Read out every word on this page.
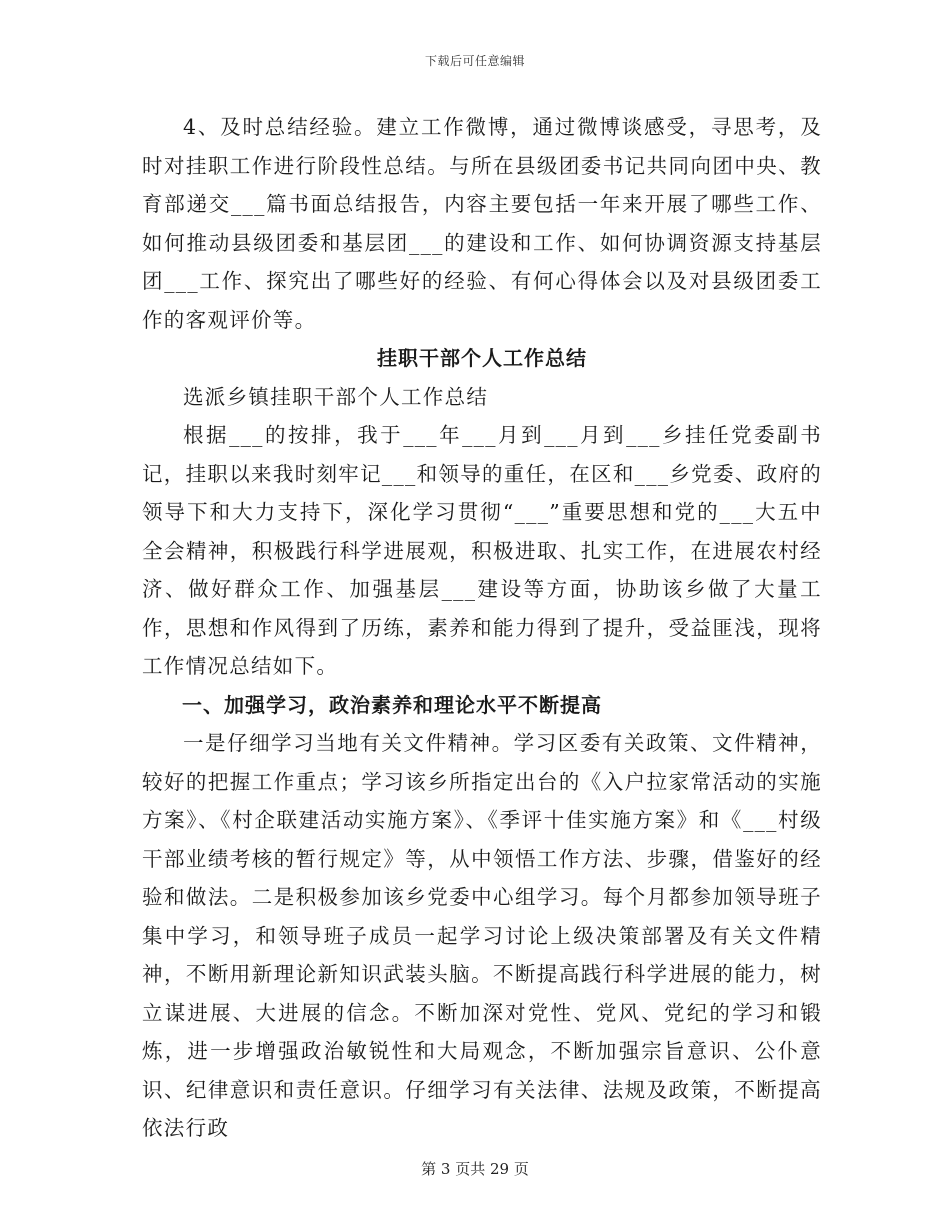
下载后可任意编辑

4、及时总结经验。建立工作微博，通过微博谈感受，寻思考，及时对挂职工作进行阶段性总结。与所在县级团委书记共同向团中央、教育部递交___篇书面总结报告，内容主要包括一年来开展了哪些工作、如何推动县级团委和基层团___的建设和工作、如何协调资源支持基层团___工作、探究出了哪些好的经验、有何心得体会以及对县级团委工作的客观评价等。

挂职干部个人工作总结

选派乡镇挂职干部个人工作总结

根据___的按排，我于___年___月到___月到___乡挂任党委副书记，挂职以来我时刻牢记___和领导的重任，在区和___乡党委、政府的领导下和大力支持下，深化学习贯彻“___”重要思想和党的___大五中全会精神，积极践行科学进展观，积极进取、扎实工作，在进展农村经济、做好群众工作、加强基层___建设等方面，协助该乡做了大量工作，思想和作风得到了历练，素养和能力得到了提升，受益匪浅，现将工作情况总结如下。

一、加强学习，政治素养和理论水平不断提高

一是仔细学习当地有关文件精神。学习区委有关政策、文件精神，较好的把握工作重点；学习该乡所指定出台的《入户拉家常活动的实施方案》、《村企联建活动实施方案》、《季评十佳实施方案》和《___村级干部业绩考核的暂行规定》等，从中领悟工作方法、步骤，借鉴好的经验和做法。二是积极参加该乡党委中心组学习。每个月都参加领导班子集中学习，和领导班子成员一起学习讨论上级决策部署及有关文件精神，不断用新理论新知识武装头脑。不断提高践行科学进展的能力，树立谋进展、大进展的信念。不断加深对党性、党风、党纪的学习和锻炼，进一步增强政治敏锐性和大局观念，不断加强宗旨意识、公仆意识、纪律意识和责任意识。仔细学习有关法律、法规及政策，不断提高依法行政

第 3 页共 29 页
